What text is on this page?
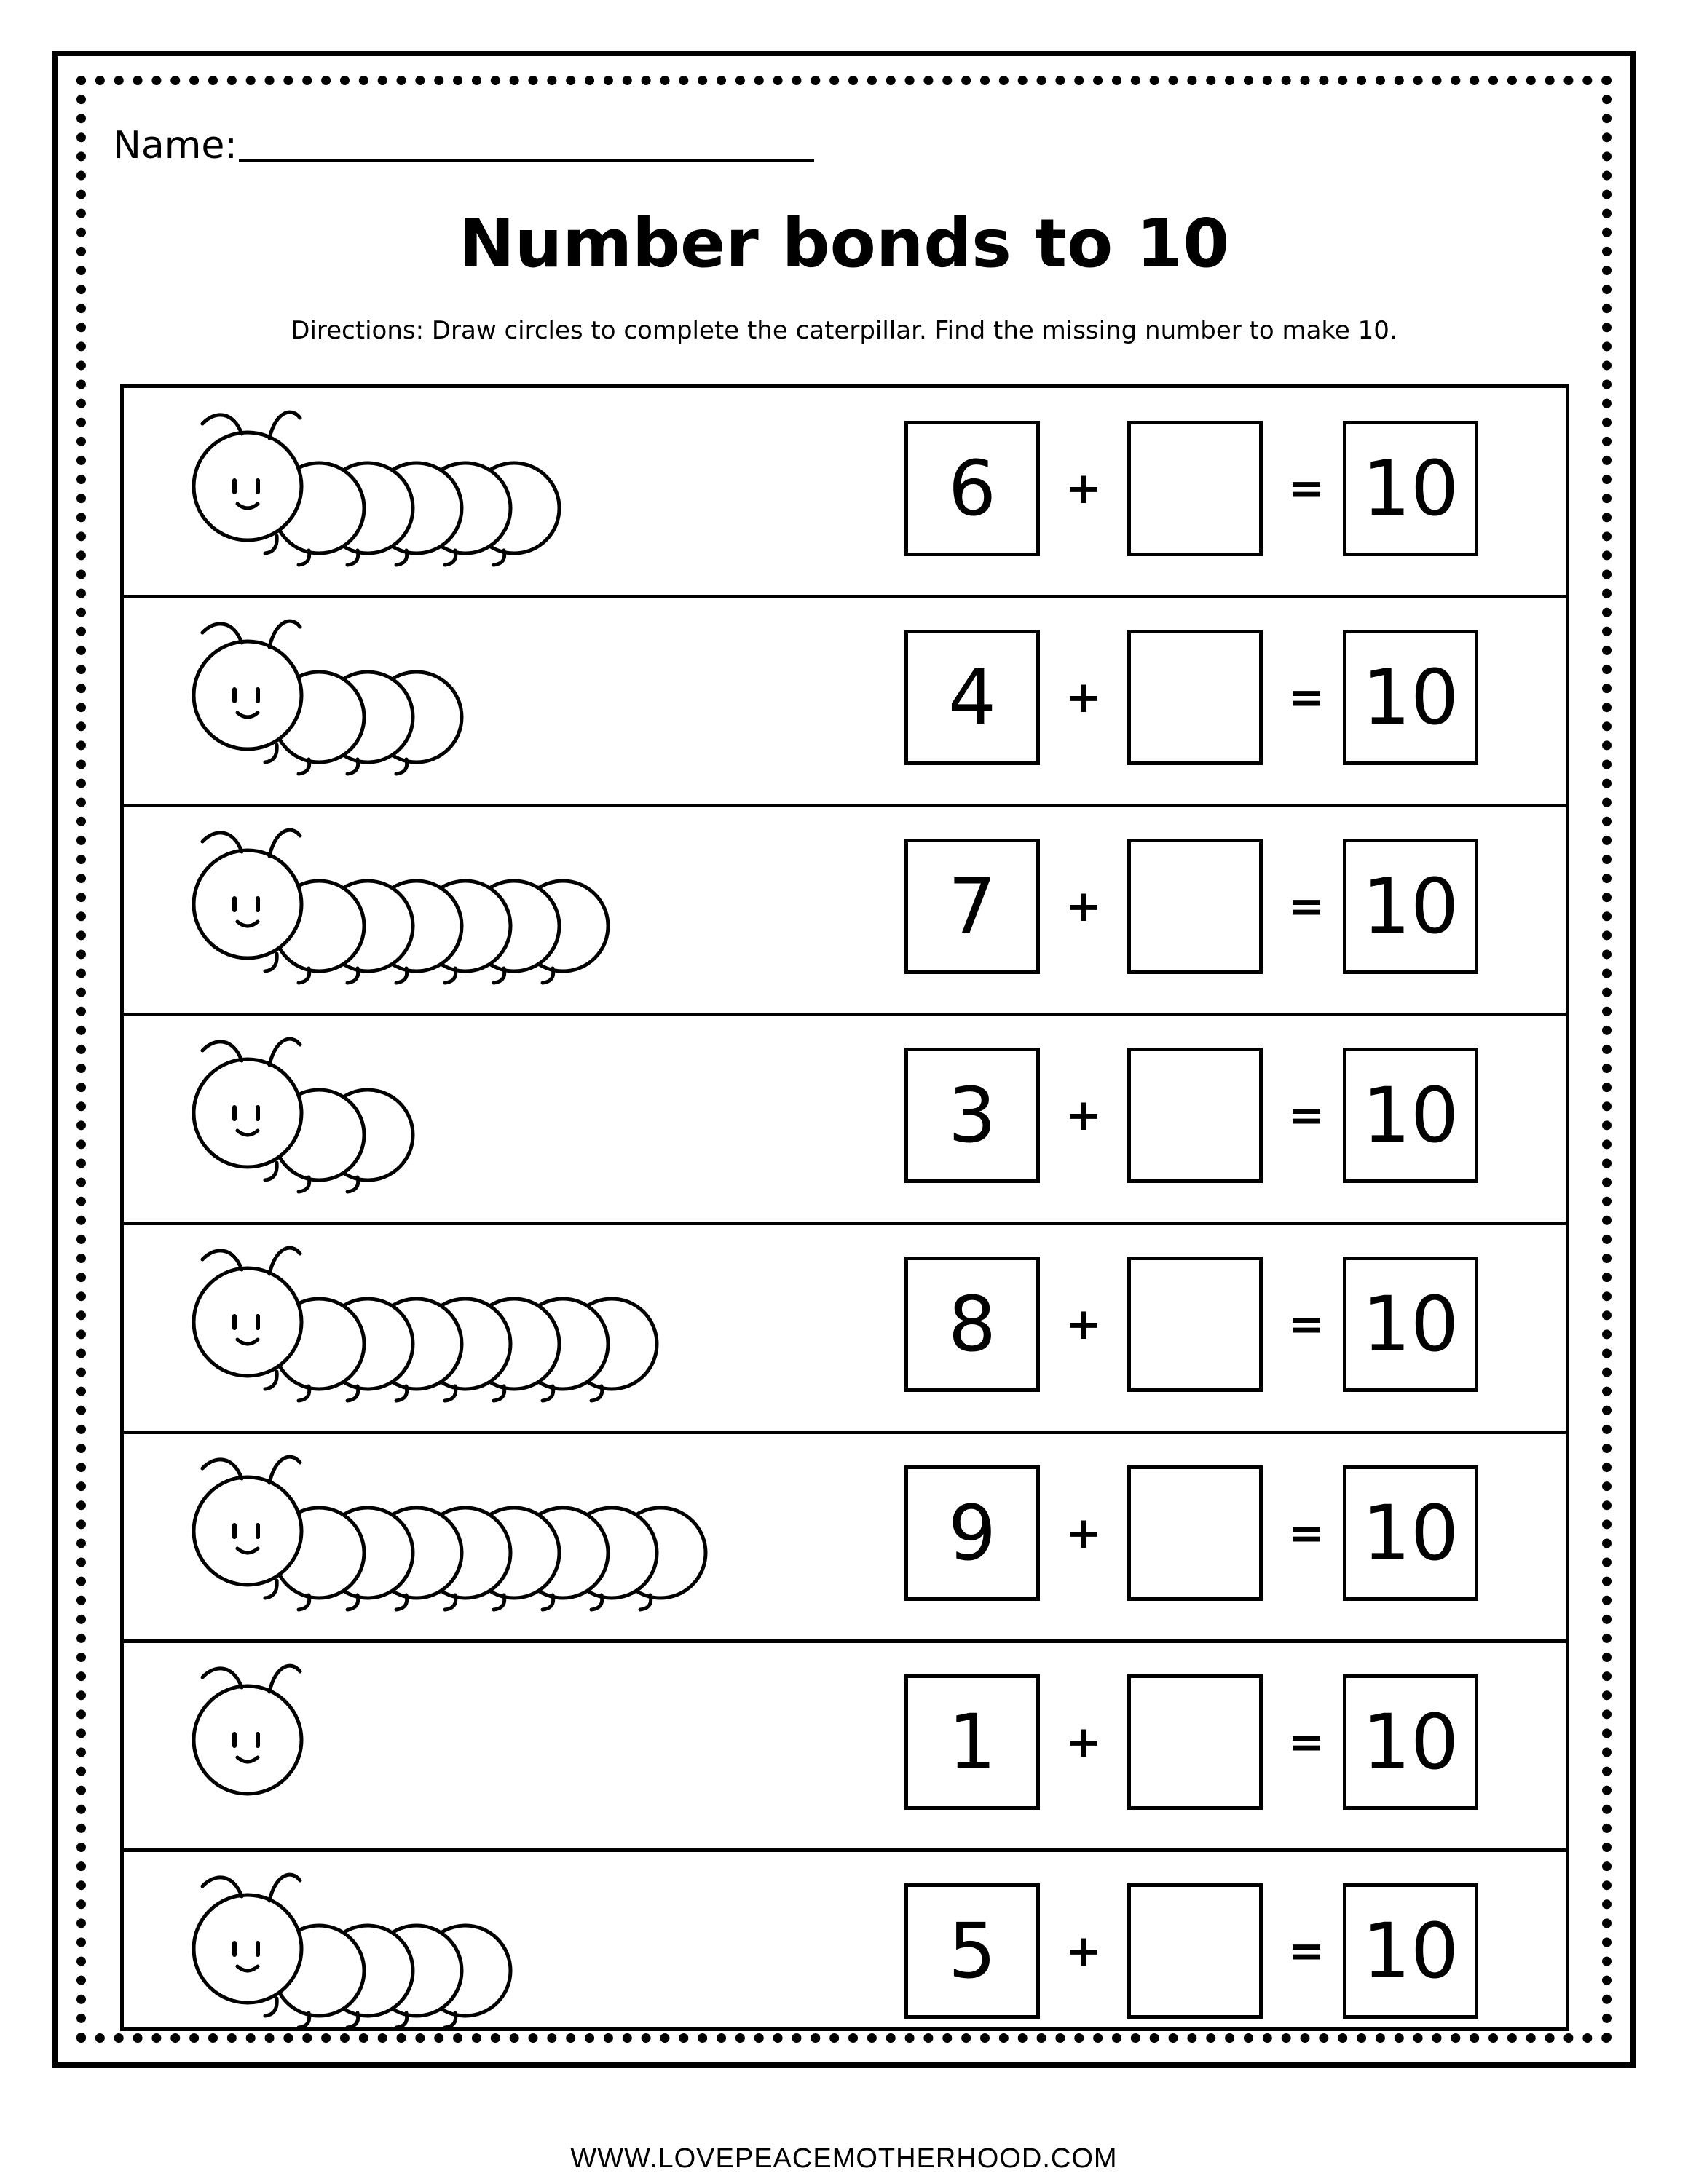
Name:
Number bonds to 10
Directions: Draw circles to complete the caterpillar. Find the missing number to make 10.
6	+	= 10
4	+	= 10
7	+	= 10
3	+	= 10
8	+	= 10
9	+	= 10
1	+	= 10
5	+	= 10
WWW.LOVEPEACEMOTHERHOOD.COM
